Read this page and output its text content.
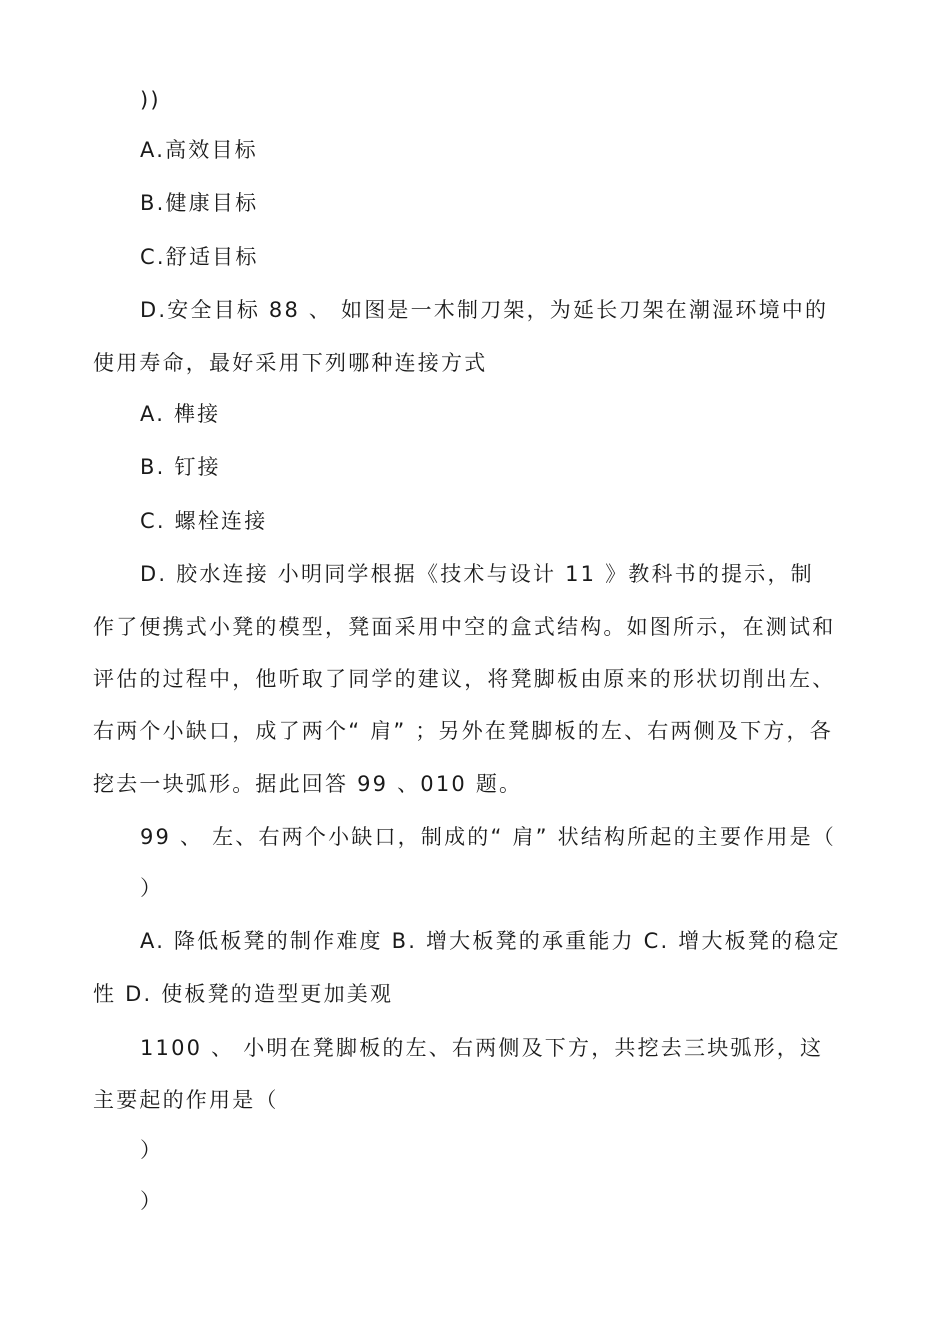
))
A.高效目标
B.健康目标
C.舒适目标
D.安全目标 88 、 如图是一木制刀架，为延长刀架在潮湿环境中的
使用寿命，最好采用下列哪种连接方式
A. 榫接
B. 钉接
C. 螺栓连接
D. 胶水连接 小明同学根据《技术与设计 11 》教科书的提示，制
作了便携式小凳的模型，凳面采用中空的盒式结构。如图所示，在测试和
评估的过程中，他听取了同学的建议，将凳脚板由原来的形状切削出左、
右两个小缺口，成了两个“ 肩” ；另外在凳脚板的左、右两侧及下方，各
挖去一块弧形。据此回答 99 、010 题。
99 、 左、右两个小缺口，制成的“ 肩” 状结构所起的主要作用是（
）
A. 降低板凳的制作难度 B. 增大板凳的承重能力 C. 增大板凳的稳定
性 D. 使板凳的造型更加美观
1100 、 小明在凳脚板的左、右两侧及下方，共挖去三块弧形，这
主要起的作用是（
）
）
